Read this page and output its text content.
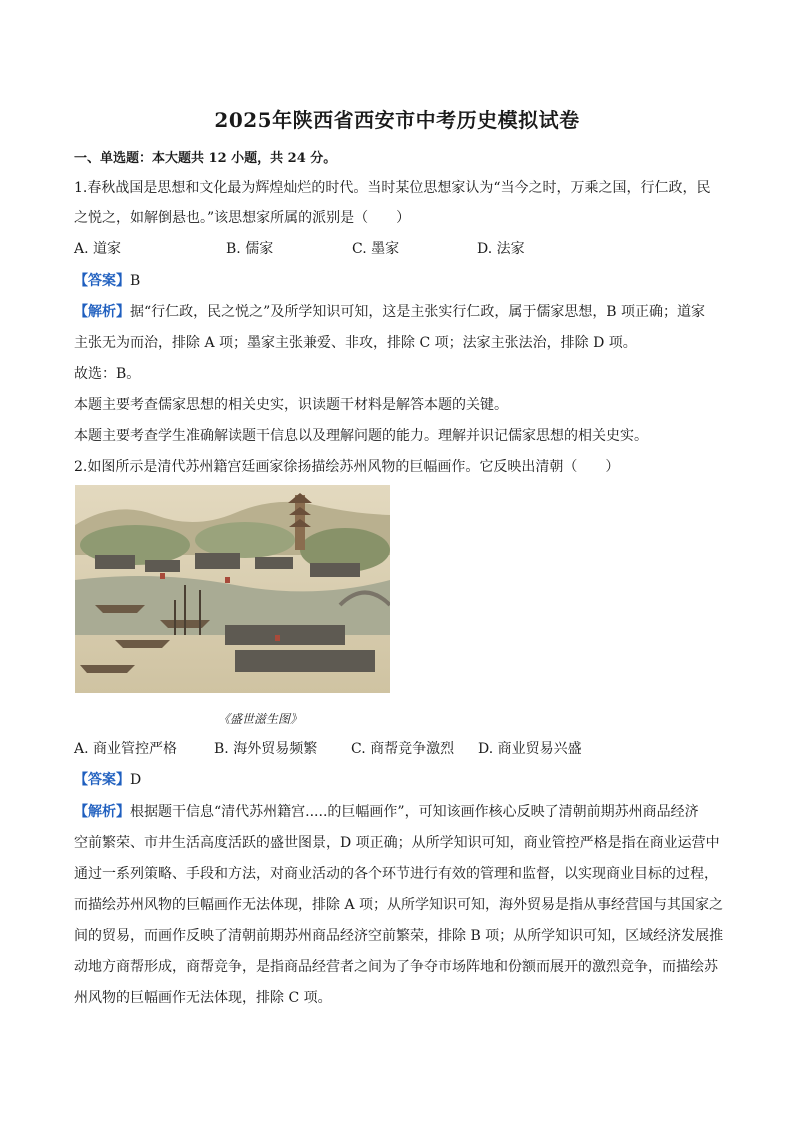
2025年陕西省西安市中考历史模拟试卷
一、单选题：本大题共 12 小题，共 24 分。
1.春秋战国是思想和文化最为辉煌灿烂的时代。当时某位思想家认为“当今之时，万乘之国，行仁政，民
之悦之，如解倒悬也。”该思想家所属的派别是（　　）
A. 道家	B. 儒家	C. 墨家	D. 法家
【答案】B
【解析】据“行仁政，民之悦之”及所学知识可知，这是主张实行仁政，属于儒家思想，B 项正确；道家
主张无为而治，排除 A 项；墨家主张兼爱、非攻，排除 C 项；法家主张法治，排除 D 项。
故选：B。
本题主要考查儒家思想的相关史实，识读题干材料是解答本题的关键。
本题主要考查学生准确解读题干信息以及理解问题的能力。理解并识记儒家思想的相关史实。
2.如图所示是清代苏州籍宫廷画家徐扬描绘苏州风物的巨幅画作。它反映出清朝（　　）
《盛世滋生图》
A. 商业管控严格	B. 海外贸易频繁 C. 商帮竞争激烈 D. 商业贸易兴盛
【答案】D
【解析】根据题干信息“清代苏州籍宫.....的巨幅画作”，可知该画作核心反映了清朝前期苏州商品经济
空前繁荣、市井生活高度活跃的盛世图景，D 项正确；从所学知识可知，商业管控严格是指在商业运营中
通过一系列策略、手段和方法，对商业活动的各个环节进行有效的管理和监督，以实现商业目标的过程，
而描绘苏州风物的巨幅画作无法体现，排除 A 项；从所学知识可知，海外贸易是指从事经营国与其国家之
间的贸易，而画作反映了清朝前期苏州商品经济空前繁荣，排除 B 项；从所学知识可知，区域经济发展推
动地方商帮形成，商帮竞争，是指商品经营者之间为了争夺市场阵地和份额而展开的激烈竞争，而描绘苏
州风物的巨幅画作无法体现，排除 C 项。
